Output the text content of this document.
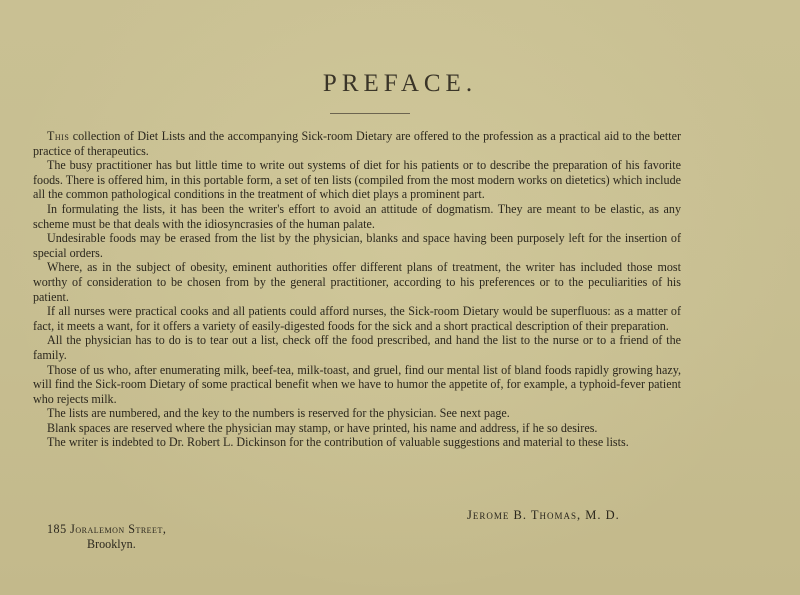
PREFACE.

This collection of Diet Lists and the accompanying Sick-room Dietary are offered to the profession as a practical aid to the better practice of therapeutics.

The busy practitioner has but little time to write out systems of diet for his patients or to describe the preparation of his favorite foods. There is offered him, in this portable form, a set of ten lists (compiled from the most modern works on dietetics) which include all the common pathological conditions in the treatment of which diet plays a prominent part.

In formulating the lists, it has been the writer's effort to avoid an attitude of dogmatism. They are meant to be elastic, as any scheme must be that deals with the idiosyncrasies of the human palate.

Undesirable foods may be erased from the list by the physician, blanks and space having been purposely left for the insertion of special orders.

Where, as in the subject of obesity, eminent authorities offer different plans of treatment, the writer has included those most worthy of consideration to be chosen from by the general practitioner, according to his preferences or to the peculiarities of his patient.

If all nurses were practical cooks and all patients could afford nurses, the Sick-room Dietary would be superfluous: as a matter of fact, it meets a want, for it offers a variety of easily-digested foods for the sick and a short practical description of their preparation.

All the physician has to do is to tear out a list, check off the food prescribed, and hand the list to the nurse or to a friend of the family.

Those of us who, after enumerating milk, beef-tea, milk-toast, and gruel, find our mental list of bland foods rapidly growing hazy, will find the Sick-room Dietary of some practical benefit when we have to humor the appetite of, for example, a typhoid-fever patient who rejects milk.

The lists are numbered, and the key to the numbers is reserved for the physician. See next page.

Blank spaces are reserved where the physician may stamp, or have printed, his name and address, if he so desires.

The writer is indebted to Dr. Robert L. Dickinson for the contribution of valuable suggestions and material to these lists.

Jerome B. Thomas, M. D.
185 Joralemon Street,
Brooklyn.
